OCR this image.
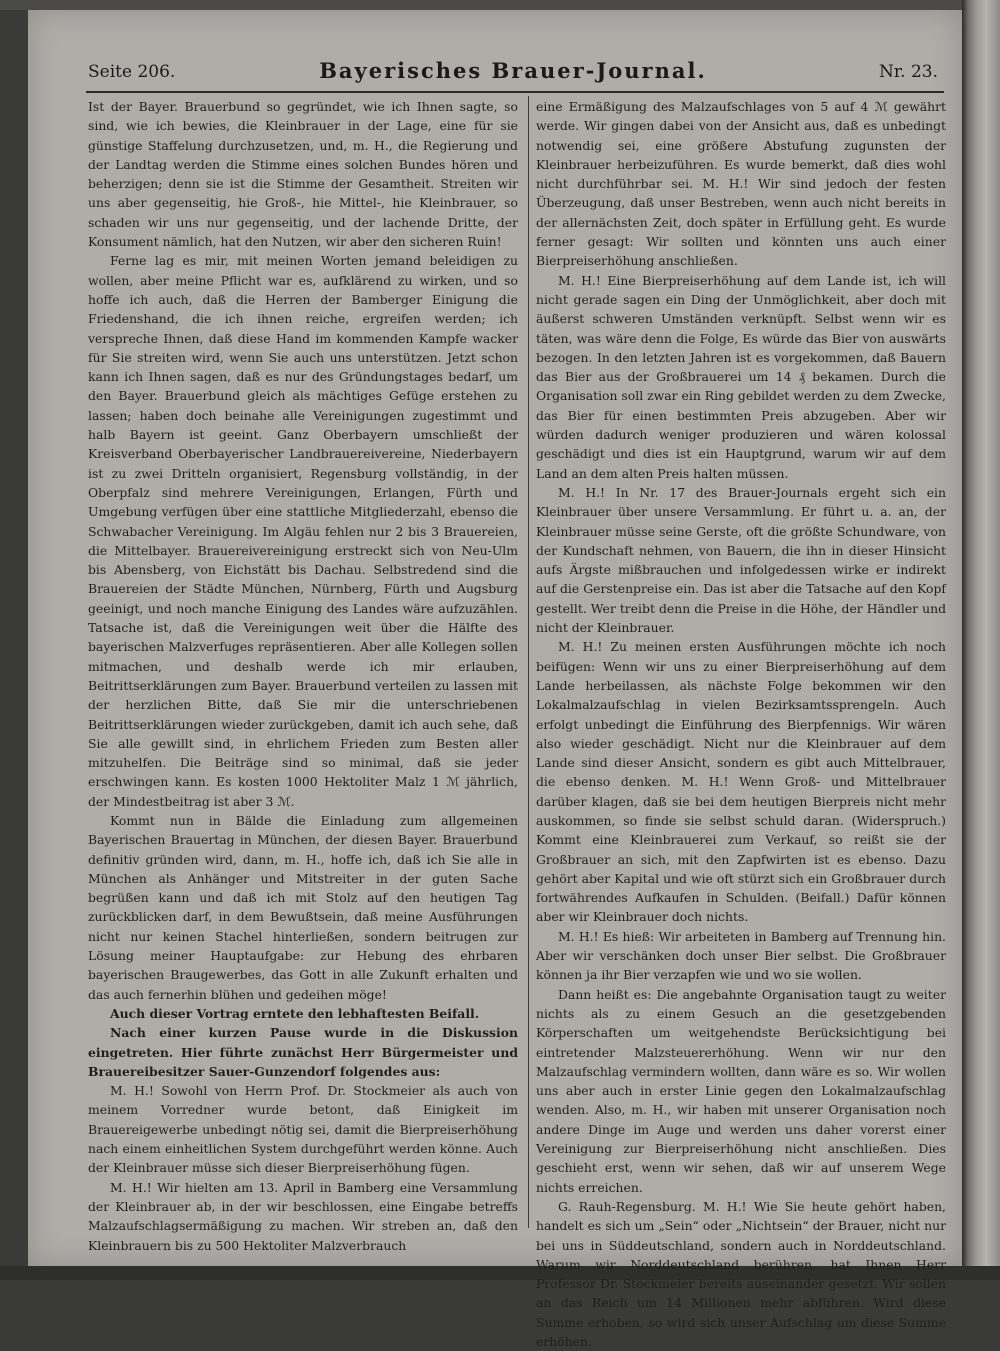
Seite 206.	Bayerisches Brauer-Journal.	Nr. 23.

Ist der Bayer. Brauerbund so gegründet, wie ich Ihnen sagte, so sind, wie ich bewies, die Kleinbrauer in der Lage, eine für sie günstige Staffelung durchzusetzen, und, m. H., die Regierung und der Landtag werden die Stimme eines solchen Bundes hören und beherzigen; denn sie ist die Stimme der Gesamtheit. Streiten wir uns aber gegenseitig, hie Groß-, hie Mittel-, hie Kleinbrauer, so schaden wir uns nur gegenseitig, und der lachende Dritte, der Konsument nämlich, hat den Nutzen, wir aber den sicheren Ruin!

Ferne lag es mir, mit meinen Worten jemand beleidigen zu wollen, aber meine Pflicht war es, aufklärend zu wirken, und so hoffe ich auch, daß die Herren der Bamberger Einigung die Friedenshand, die ich ihnen reiche, ergreifen werden; ich verspreche Ihnen, daß diese Hand im kommenden Kampfe wacker für Sie streiten wird, wenn Sie auch uns unterstützen. Jetzt schon kann ich Ihnen sagen, daß es nur des Gründungstages bedarf, um den Bayer. Brauerbund gleich als mächtiges Gefüge erstehen zu lassen; haben doch beinahe alle Vereinigungen zugestimmt und halb Bayern ist geeint. Ganz Oberbayern umschließt der Kreisverband Oberbayerischer Landbrauereivereine, Niederbayern ist zu zwei Dritteln organisiert, Regensburg vollständig, in der Oberpfalz sind mehrere Vereinigungen, Erlangen, Fürth und Umgebung verfügen über eine stattliche Mitgliederzahl, ebenso die Schwabacher Vereinigung. Im Algäu fehlen nur 2 bis 3 Brauereien, die Mittelbayer. Brauereivereinigung erstreckt sich von Neu-Ulm bis Abensberg, von Eichstätt bis Dachau. Selbstredend sind die Brauereien der Städte München, Nürnberg, Fürth und Augsburg geeinigt, und noch manche Einigung des Landes wäre aufzuzählen. Tatsache ist, daß die Vereinigungen weit über die Hälfte des bayerischen Malzverfuges repräsentieren. Aber alle Kollegen sollen mitmachen, und deshalb werde ich mir erlauben, Beitrittserklärungen zum Bayer. Brauerbund verteilen zu lassen mit der herzlichen Bitte, daß Sie mir die unterschriebenen Beitrittserklärungen wieder zurückgeben, damit ich auch sehe, daß Sie alle gewillt sind, in ehrlichem Frieden zum Besten aller mitzuhelfen. Die Beiträge sind so minimal, daß sie jeder erschwingen kann. Es kosten 1000 Hektoliter Malz 1 ℳ jährlich, der Mindestbeitrag ist aber 3 ℳ.

Kommt nun in Bälde die Einladung zum allgemeinen Bayerischen Brauertag in München, der diesen Bayer. Brauerbund definitiv gründen wird, dann, m. H., hoffe ich, daß ich Sie alle in München als Anhänger und Mitstreiter in der guten Sache begrüßen kann und daß ich mit Stolz auf den heutigen Tag zurückblicken darf, in dem Bewußtsein, daß meine Ausführungen nicht nur keinen Stachel hinterließen, sondern beitrugen zur Lösung meiner Hauptaufgabe: zur Hebung des ehrbaren bayerischen Braugewerbes, das Gott in alle Zukunft erhalten und das auch fernerhin blühen und gedeihen möge!

Auch dieser Vortrag erntete den lebhaftesten Beifall.

Nach einer kurzen Pause wurde in die Diskussion eingetreten. Hier führte zunächst Herr Bürgermeister und Brauereibesitzer Sauer-Gunzendorf folgendes aus:

M. H.! Sowohl von Herrn Prof. Dr. Stockmeier als auch von meinem Vorredner wurde betont, daß Einigkeit im Brauereigewerbe unbedingt nötig sei, damit die Bierpreiserhöhung nach einem einheitlichen System durchgeführt werden könne. Auch der Kleinbrauer müsse sich dieser Bierpreiserhöhung fügen.

M. H.! Wir hielten am 13. April in Bamberg eine Versammlung der Kleinbrauer ab, in der wir beschlossen, eine Eingabe betreffs Malzaufschlagsermäßigung zu machen. Wir streben an, daß den Kleinbrauern bis zu 500 Hektoliter Malzverbrauch

eine Ermäßigung des Malzaufschlages von 5 auf 4 ℳ gewährt werde. Wir gingen dabei von der Ansicht aus, daß es unbedingt notwendig sei, eine größere Abstufung zugunsten der Kleinbrauer herbeizuführen. Es wurde bemerkt, daß dies wohl nicht durchführbar sei. M. H.! Wir sind jedoch der festen Überzeugung, daß unser Bestreben, wenn auch nicht bereits in der allernächsten Zeit, doch später in Erfüllung geht. Es wurde ferner gesagt: Wir sollten und könnten uns auch einer Bierpreiserhöhung anschließen.

M. H.! Eine Bierpreiserhöhung auf dem Lande ist, ich will nicht gerade sagen ein Ding der Unmöglichkeit, aber doch mit äußerst schweren Umständen verknüpft. Selbst wenn wir es täten, was wäre denn die Folge, Es würde das Bier von auswärts bezogen. In den letzten Jahren ist es vorgekommen, daß Bauern das Bier aus der Großbrauerei um 14 ₰ bekamen. Durch die Organisation soll zwar ein Ring gebildet werden zu dem Zwecke, das Bier für einen bestimmten Preis abzugeben. Aber wir würden dadurch weniger produzieren und wären kolossal geschädigt und dies ist ein Hauptgrund, warum wir auf dem Land an dem alten Preis halten müssen.

M. H.! In Nr. 17 des Brauer-Journals ergeht sich ein Kleinbrauer über unsere Versammlung. Er führt u. a. an, der Kleinbrauer müsse seine Gerste, oft die größte Schundware, von der Kundschaft nehmen, von Bauern, die ihn in dieser Hinsicht aufs Ärgste mißbrauchen und infolgedessen wirke er indirekt auf die Gerstenpreise ein. Das ist aber die Tatsache auf den Kopf gestellt. Wer treibt denn die Preise in die Höhe, der Händler und nicht der Kleinbrauer.

M. H.! Zu meinen ersten Ausführungen möchte ich noch beifügen: Wenn wir uns zu einer Bierpreiserhöhung auf dem Lande herbeilassen, als nächste Folge bekommen wir den Lokalmalzaufschlag in vielen Bezirksamtssprengeln. Auch erfolgt unbedingt die Einführung des Bierpfennigs. Wir wären also wieder geschädigt. Nicht nur die Kleinbrauer auf dem Lande sind dieser Ansicht, sondern es gibt auch Mittelbrauer, die ebenso denken. M. H.! Wenn Groß- und Mittelbrauer darüber klagen, daß sie bei dem heutigen Bierpreis nicht mehr auskommen, so finde sie selbst schuld daran. (Widerspruch.) Kommt eine Kleinbrauerei zum Verkauf, so reißt sie der Großbrauer an sich, mit den Zapfwirten ist es ebenso. Dazu gehört aber Kapital und wie oft stürzt sich ein Großbrauer durch fortwährendes Aufkaufen in Schulden. (Beifall.) Dafür können aber wir Kleinbrauer doch nichts.

M. H.! Es hieß: Wir arbeiteten in Bamberg auf Trennung hin. Aber wir verschänken doch unser Bier selbst. Die Großbrauer können ja ihr Bier verzapfen wie und wo sie wollen.

Dann heißt es: Die angebahnte Organisation taugt zu weiter nichts als zu einem Gesuch an die gesetzgebenden Körperschaften um weitgehendste Berücksichtigung bei eintretender Malzsteuererhöhung. Wenn wir nur den Malzaufschlag vermindern wollten, dann wäre es so. Wir wollen uns aber auch in erster Linie gegen den Lokalmalzaufschlag wenden. Also, m. H., wir haben mit unserer Organisation noch andere Dinge im Auge und werden uns daher vorerst einer Vereinigung zur Bierpreiserhöhung nicht anschließen. Dies geschieht erst, wenn wir sehen, daß wir auf unserem Wege nichts erreichen.

G. Rauh-Regensburg. M. H.! Wie Sie heute gehört haben, handelt es sich um „Sein“ oder „Nichtsein“ der Brauer, nicht nur bei uns in Süddeutschland, sondern auch in Norddeutschland. Warum wir Norddeutschland berühren, hat Ihnen Herr Professor Dr. Stockmeier bereits auseinander gesetzt. Wir sollen an das Reich um 14 Millionen mehr abführen. Wird diese Summe erhoben, so wird sich unser Aufschlag um diese Summe erhöhen.
